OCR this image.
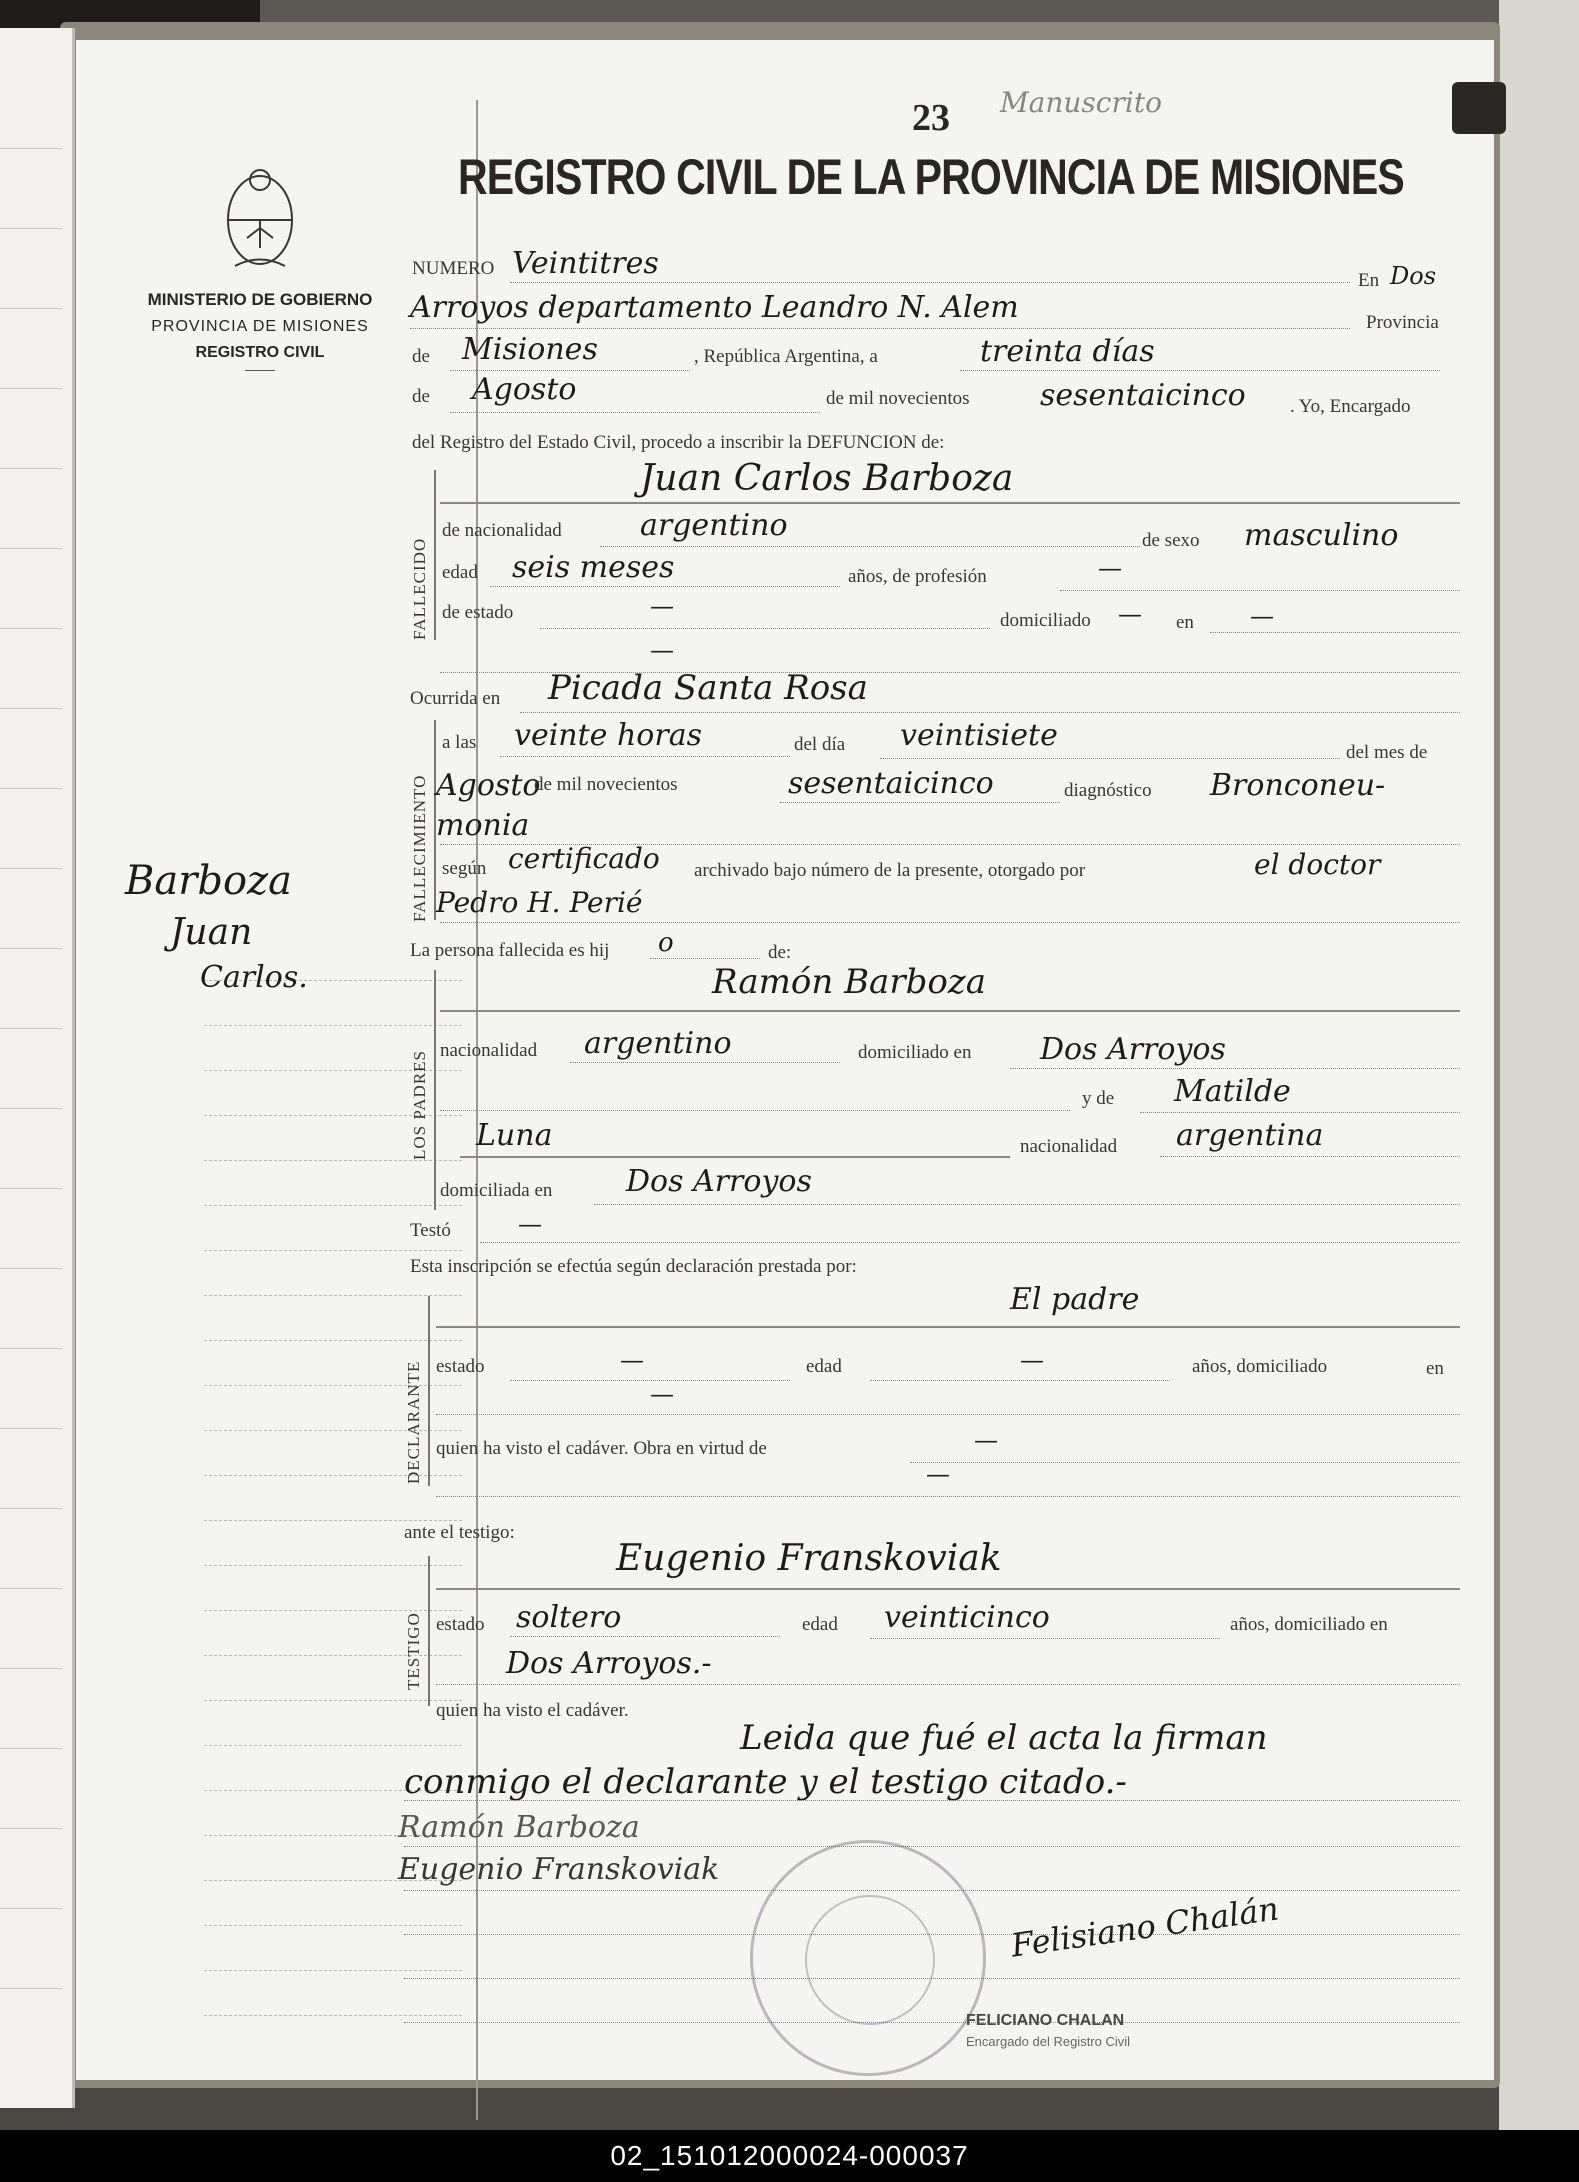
23 Manuscrito
REGISTRO CIVIL DE LA PROVINCIA DE MISIONES
MINISTERIO DE GOBIERNO
PROVINCIA DE MISIONES
REGISTRO CIVIL
Barboza
Juan
Carlos.
NUMERO Veintitres	En Dos
Arroyos departamento Leandro N. Alem	Provincia
de Misiones	, República Argentina, a	treinta días
de Agosto	de mil novecientos sesentaicinco . Yo, Encargado
del Registro del Estado Civil, procedo a inscribir la DEFUNCION de:
FALLECIDO
Juan Carlos Barboza
de nacionalidad	argentino	de sexo masculino
edad seis meses	años, de profesión	—
de estado	—
domiciliado — en —
—
Ocurrida en Picada Santa Rosa
FALLECIMIENTO
a las veinte horas	del día veintisiete	del mes de
Agosto
de mil novecientos	sesentaicinco	diagnóstico Bronconeu-
monia
según certificado archivado bajo número de la presente, otorgado por	el doctor
Pedro H. Perié
La persona fallecida es hij o	de:
LOS PADRES
Ramón Barboza
nacionalidad argentino	domiciliado en Dos Arroyos
y de Matilde
Luna	nacionalidad argentina
domiciliada en Dos Arroyos
Testó	—
Esta inscripción se efectúa según declaración prestada por:
DECLARANTE
El padre
estado	—	edad	—	años, domiciliado	en
—
quien ha visto el cadáver. Obra en virtud de	—
—
ante el testigo:
TESTIGO
Eugenio Franskoviak
estado soltero	edad veinticinco	años, domiciliado en
Dos Arroyos.-
quien ha visto el cadáver.
Leida que fué el acta la firman
conmigo el declarante y el testigo citado.-
Ramón Barboza
Eugenio Franskoviak
Felisiano Chalán
FELICIANO CHALAN
Encargado del Registro Civil
02_151012000024-000037
